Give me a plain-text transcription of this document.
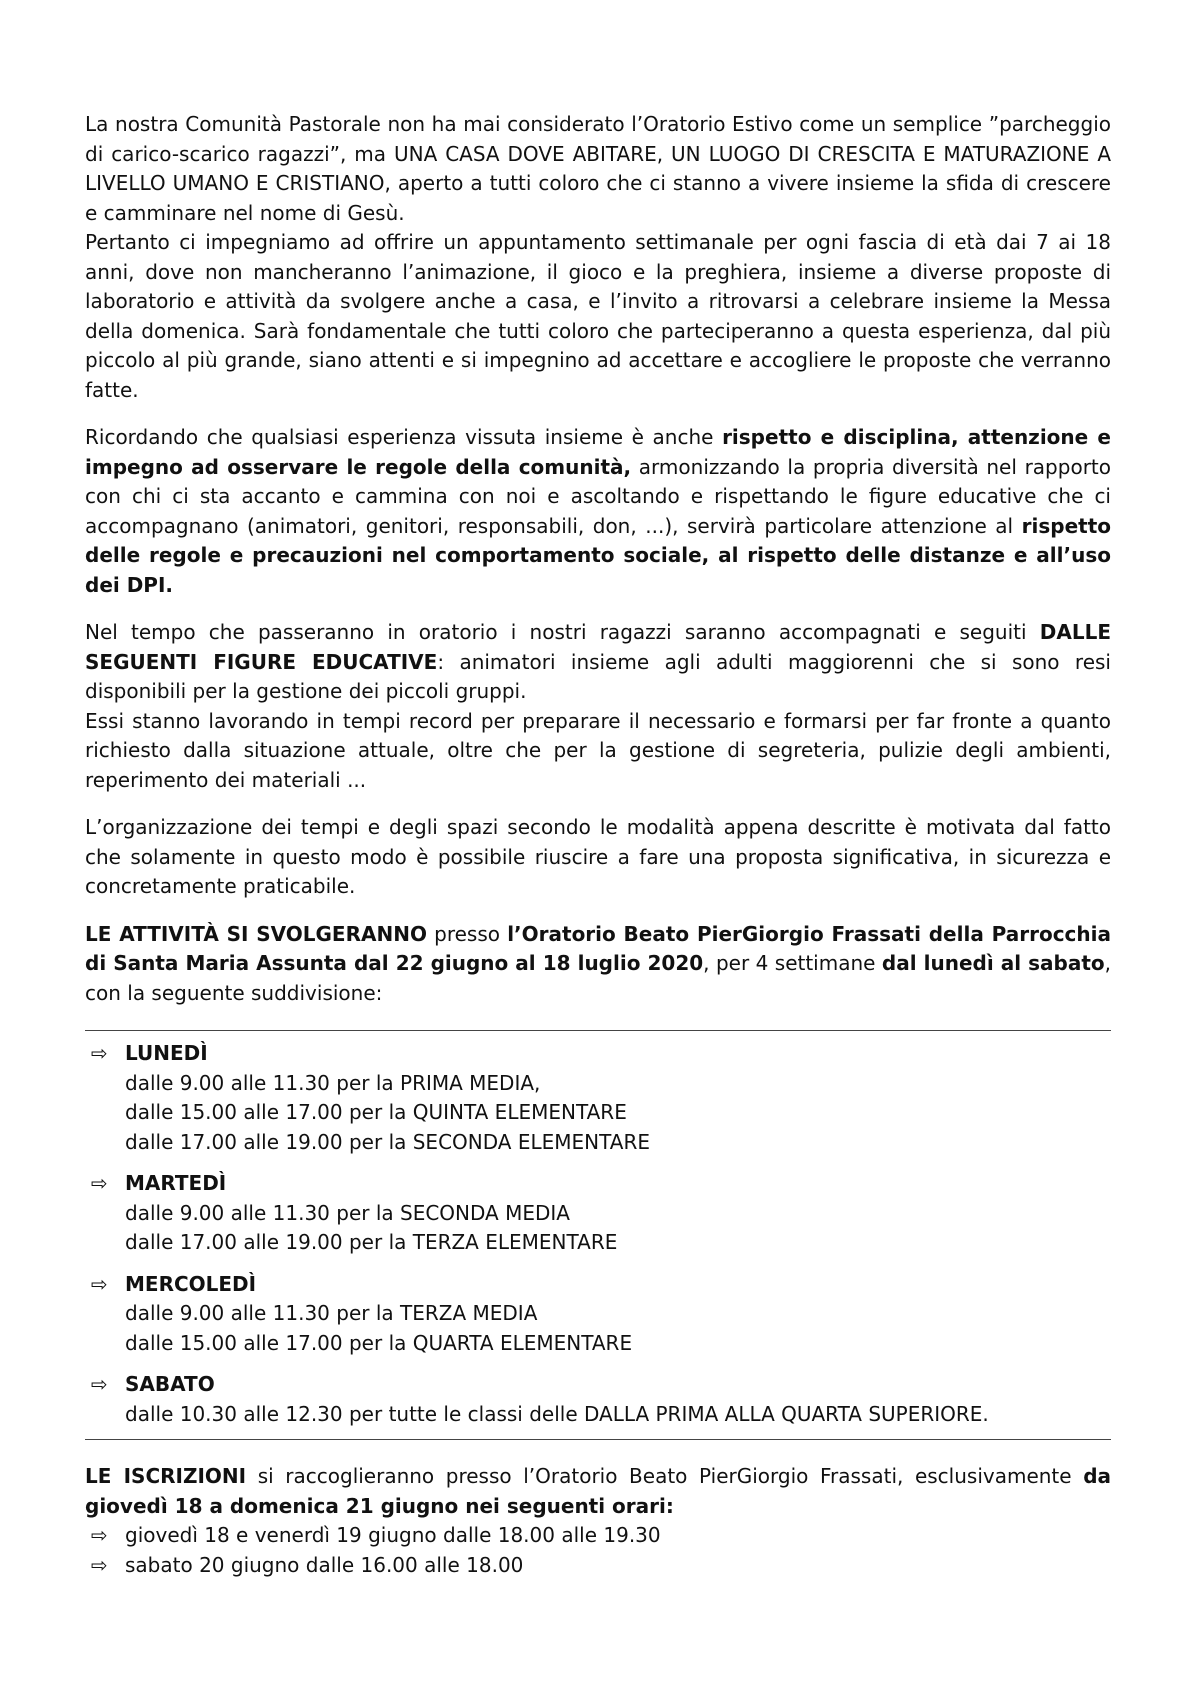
La nostra Comunità Pastorale non ha mai considerato l’Oratorio Estivo come un semplice ”parcheggio di carico-scarico ragazzi”, ma UNA CASA DOVE ABITARE, UN LUOGO DI CRESCITA E MATURAZIONE A LIVELLO UMANO E CRISTIANO, aperto a tutti coloro che ci stanno a vivere insieme la sfida di crescere e camminare nel nome di Gesù.

Pertanto ci impegniamo ad offrire un appuntamento settimanale per ogni fascia di età dai 7 ai 18 anni, dove non mancheranno l’animazione, il gioco e la preghiera, insieme a diverse proposte di laboratorio e attività da svolgere anche a casa, e l’invito a ritrovarsi a celebrare insieme la Messa della domenica. Sarà fondamentale che tutti coloro che parteciperanno a questa esperienza, dal più piccolo al più grande, siano attenti e si impegnino ad accettare e accogliere le proposte che verranno fatte.

Ricordando che qualsiasi esperienza vissuta insieme è anche rispetto e disciplina, attenzione e impegno ad osservare le regole della comunità, armonizzando la propria diversità nel rapporto con chi ci sta accanto e cammina con noi e ascoltando e rispettando le figure educative che ci accompagnano (animatori, genitori, responsabili, don, ...), servirà particolare attenzione al rispetto delle regole e precauzioni nel comportamento sociale, al rispetto delle distanze e all’uso dei DPI.

Nel tempo che passeranno in oratorio i nostri ragazzi saranno accompagnati e seguiti DALLE SEGUENTI FIGURE EDUCATIVE: animatori insieme agli adulti maggiorenni che si sono resi disponibili per la gestione dei piccoli gruppi.

Essi stanno lavorando in tempi record per preparare il necessario e formarsi per far fronte a quanto richiesto dalla situazione attuale, oltre che per la gestione di segreteria, pulizie degli ambienti, reperimento dei materiali ...

L’organizzazione dei tempi e degli spazi secondo le modalità appena descritte è motivata dal fatto che solamente in questo modo è possibile riuscire a fare una proposta significativa, in sicurezza e concretamente praticabile.

LE ATTIVITÀ SI SVOLGERANNO presso l’Oratorio Beato PierGiorgio Frassati della Parrocchia di Santa Maria Assunta dal 22 giugno al 18 luglio 2020, per 4 settimane dal lunedì al sabato, con la seguente suddivisione:

⇨ LUNEDÌ
dalle 9.00 alle 11.30 per la PRIMA MEDIA,
dalle 15.00 alle 17.00 per la QUINTA ELEMENTARE
dalle 17.00 alle 19.00 per la SECONDA ELEMENTARE
⇨ MARTEDÌ
dalle 9.00 alle 11.30 per la SECONDA MEDIA
dalle 17.00 alle 19.00 per la TERZA ELEMENTARE
⇨ MERCOLEDÌ
dalle 9.00 alle 11.30 per la TERZA MEDIA
dalle 15.00 alle 17.00 per la QUARTA ELEMENTARE
⇨ SABATO
dalle 10.30 alle 12.30 per tutte le classi delle DALLA PRIMA ALLA QUARTA SUPERIORE.

LE ISCRIZIONI si raccoglieranno presso l’Oratorio Beato PierGiorgio Frassati, esclusivamente da giovedì 18 a domenica 21 giugno nei seguenti orari:

⇨ giovedì 18 e venerdì 19 giugno dalle 18.00 alle 19.30
⇨ sabato 20 giugno dalle 16.00 alle 18.00
